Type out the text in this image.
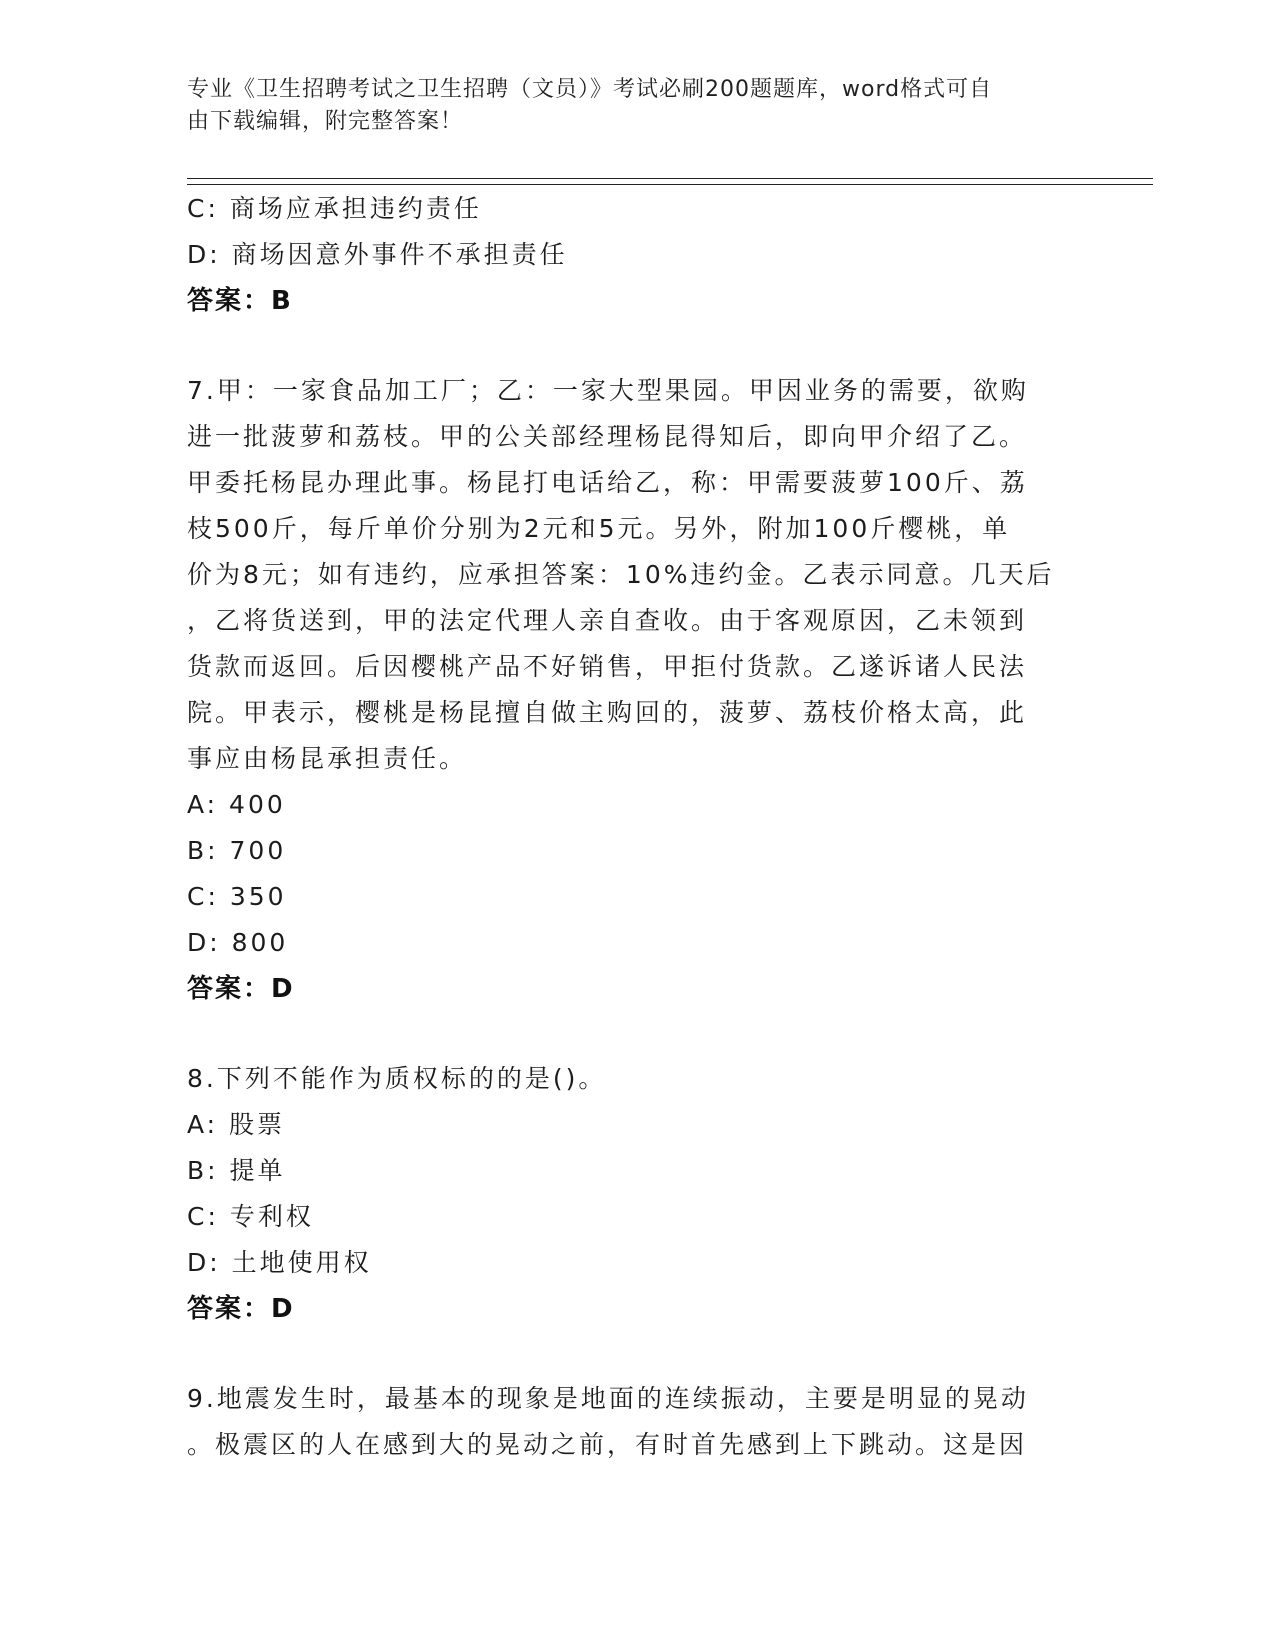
专业《卫生招聘考试之卫生招聘（文员）》考试必刷200题题库，word格式可自
由下载编辑，附完整答案！
C: 商场应承担违约责任
D: 商场因意外事件不承担责任
答案：B
7.甲：一家食品加工厂；乙：一家大型果园。甲因业务的需要，欲购
进一批菠萝和荔枝。甲的公关部经理杨昆得知后，即向甲介绍了乙。
甲委托杨昆办理此事。杨昆打电话给乙，称：甲需要菠萝100斤、荔
枝500斤，每斤单价分别为2元和5元。另外，附加100斤樱桃，单
价为8元；如有违约，应承担答案：10%违约金。乙表示同意。几天后
，乙将货送到，甲的法定代理人亲自查收。由于客观原因，乙未领到
货款而返回。后因樱桃产品不好销售，甲拒付货款。乙遂诉诸人民法
院。甲表示，樱桃是杨昆擅自做主购回的，菠萝、荔枝价格太高，此
事应由杨昆承担责任。
A: 400
B: 700
C: 350
D: 800
答案：D
8.下列不能作为质权标的的是()。
A: 股票
B: 提单
C: 专利权
D: 土地使用权
答案：D
9.地震发生时，最基本的现象是地面的连续振动，主要是明显的晃动
。极震区的人在感到大的晃动之前，有时首先感到上下跳动。这是因
